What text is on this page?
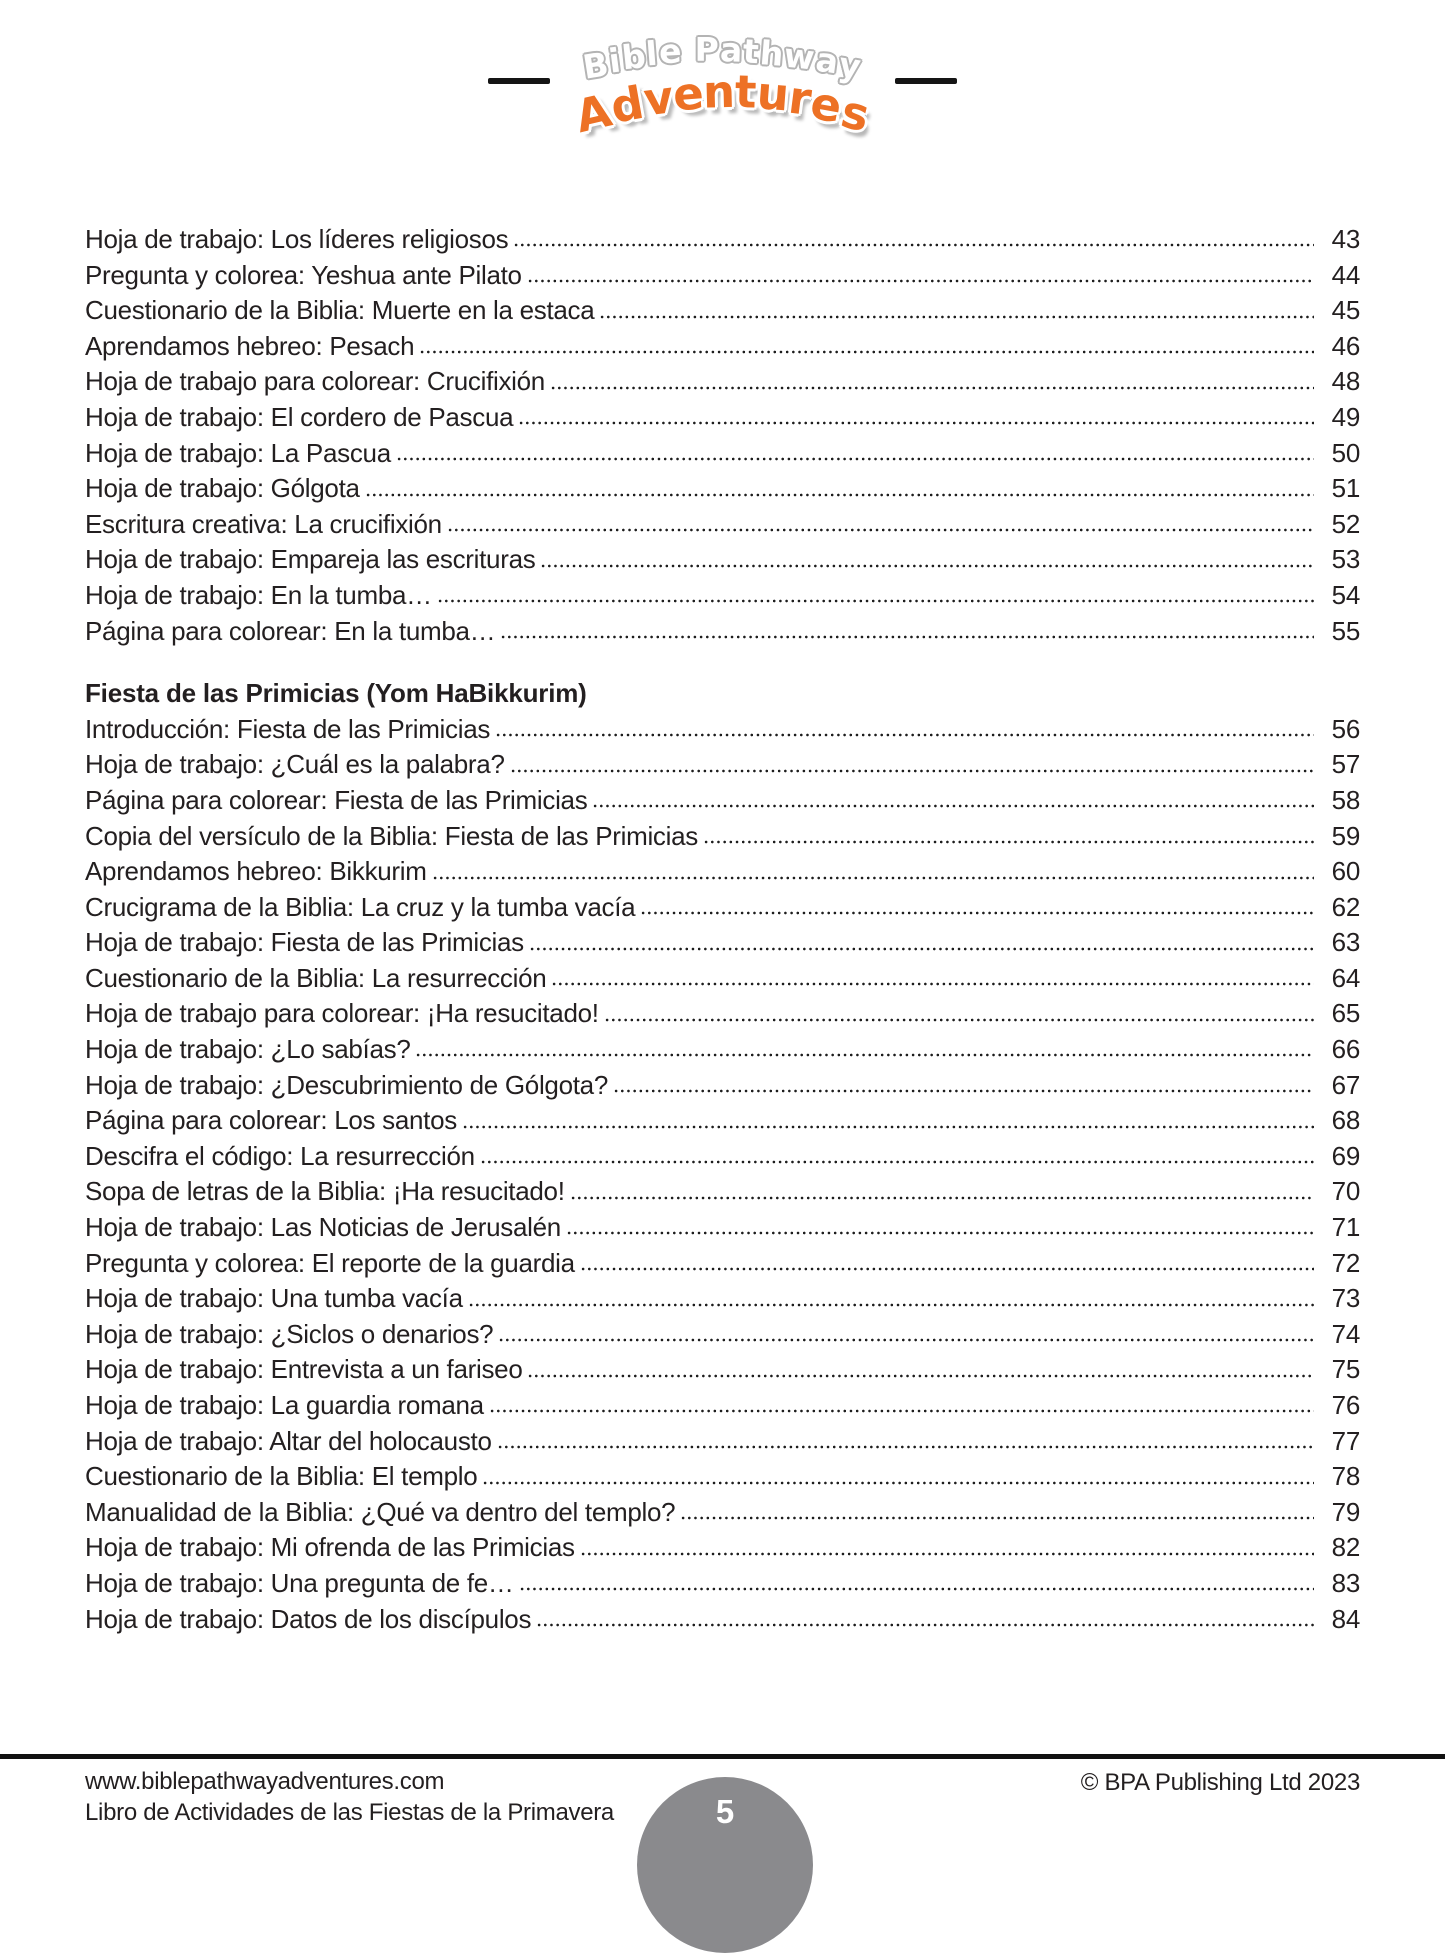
Bible Pathway
Adventures
Hoja de trabajo: Los líderes religiosos	43
Pregunta y colorea: Yeshua ante Pilato	44
Cuestionario de la Biblia: Muerte en la estaca	45
Aprendamos hebreo: Pesach	46
Hoja de trabajo para colorear: Crucifixión	48
Hoja de trabajo: El cordero de Pascua	49
Hoja de trabajo: La Pascua	50
Hoja de trabajo: Gólgota	51
Escritura creativa: La crucifixión	52
Hoja de trabajo: Empareja las escrituras	53
Hoja de trabajo: En la tumba…	54
Página para colorear: En la tumba…	55
Fiesta de las Primicias (Yom HaBikkurim)
Introducción: Fiesta de las Primicias	56
Hoja de trabajo: ¿Cuál es la palabra?	57
Página para colorear: Fiesta de las Primicias	58
Copia del versículo de la Biblia: Fiesta de las Primicias	59
Aprendamos hebreo: Bikkurim	60
Crucigrama de la Biblia: La cruz y la tumba vacía	62
Hoja de trabajo: Fiesta de las Primicias	63
Cuestionario de la Biblia: La resurrección	64
Hoja de trabajo para colorear: ¡Ha resucitado!	65
Hoja de trabajo: ¿Lo sabías?	66
Hoja de trabajo: ¿Descubrimiento de Gólgota?	67
Página para colorear: Los santos	68
Descifra el código: La resurrección	69
Sopa de letras de la Biblia: ¡Ha resucitado!	70
Hoja de trabajo: Las Noticias de Jerusalén	71
Pregunta y colorea: El reporte de la guardia	72
Hoja de trabajo: Una tumba vacía	73
Hoja de trabajo: ¿Siclos o denarios?	74
Hoja de trabajo: Entrevista a un fariseo	75
Hoja de trabajo: La guardia romana	76
Hoja de trabajo: Altar del holocausto	77
Cuestionario de la Biblia: El templo	78
Manualidad de la Biblia: ¿Qué va dentro del templo?	79
Hoja de trabajo: Mi ofrenda de las Primicias	82
Hoja de trabajo: Una pregunta de fe…	83
Hoja de trabajo: Datos de los discípulos	84
www.biblepathwayadventures.com
Libro de Actividades de las Fiestas de la Primavera
© BPA Publishing Ltd 2023
5
